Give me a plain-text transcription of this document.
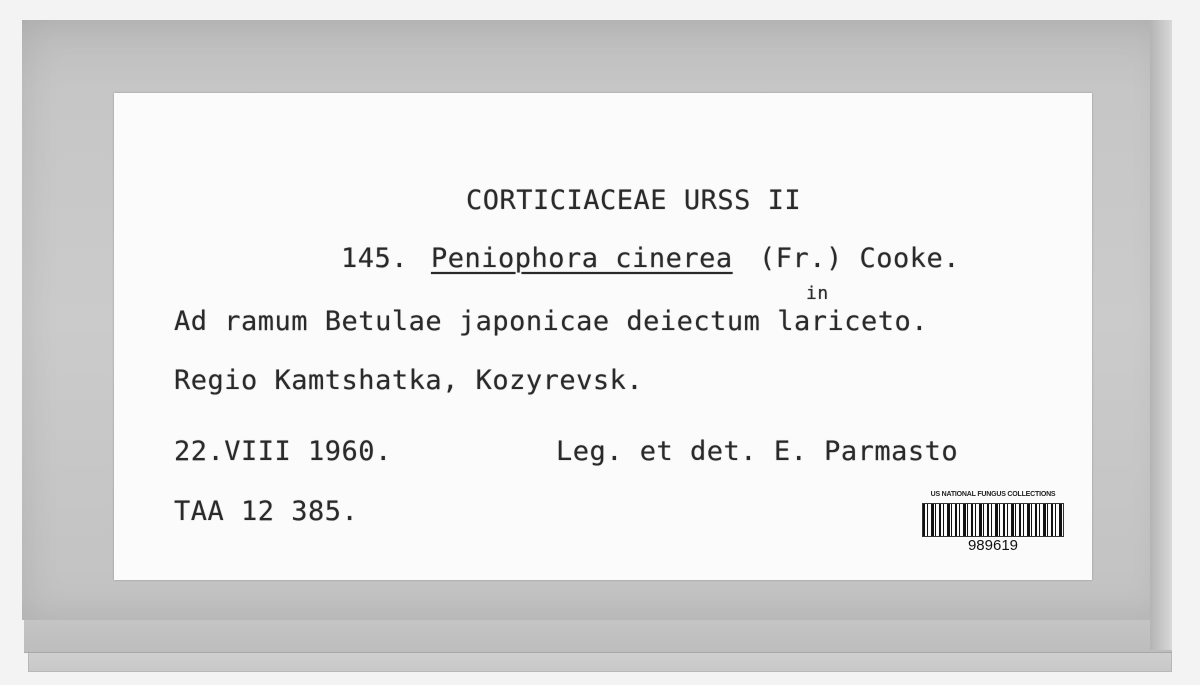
CORTICIACEAE URSS II
145. Peniophora cinerea (Fr.) Cooke.
in
Ad ramum Betulae japonicae deiectum lariceto.
Regio Kamtshatka, Kozyrevsk.
22.VIII 1960.	Leg. et det. E. Parmasto
TAA 12 385.
US NATIONAL FUNGUS COLLECTIONS
989619
